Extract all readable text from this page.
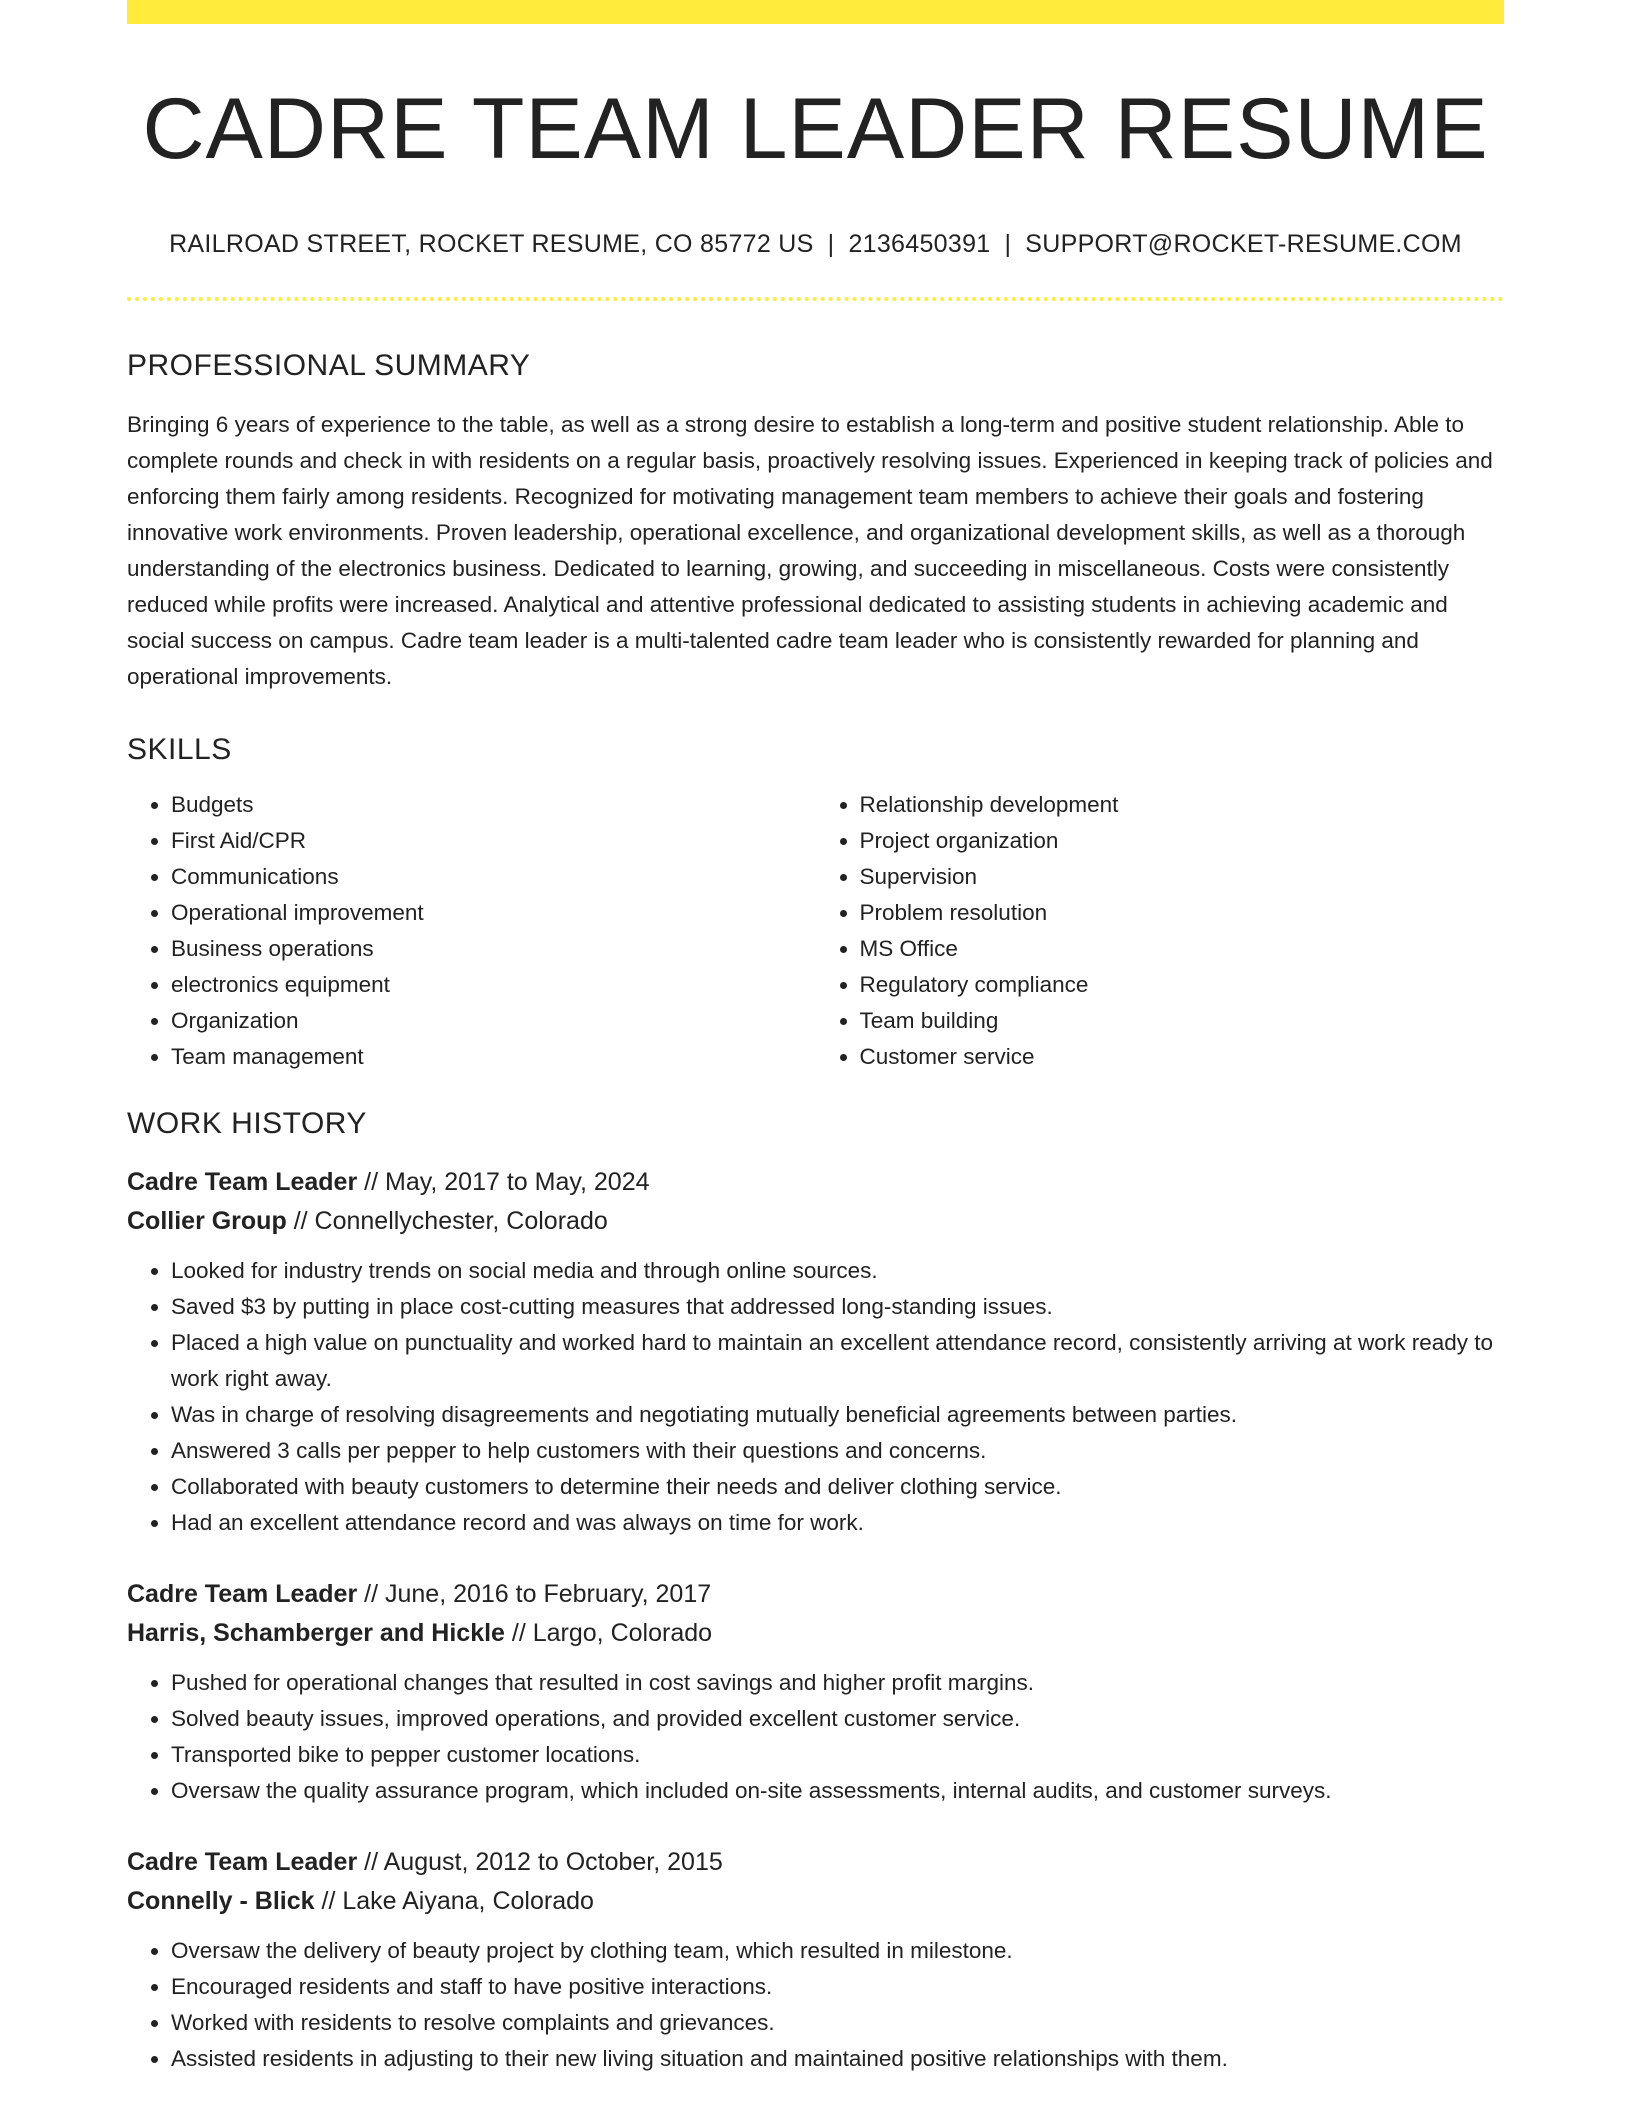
CADRE TEAM LEADER RESUME
RAILROAD STREET, ROCKET RESUME, CO 85772 US | 2136450391 | SUPPORT@ROCKET-RESUME.COM
PROFESSIONAL SUMMARY

Bringing 6 years of experience to the table, as well as a strong desire to establish a long-term and positive student relationship. Able to complete rounds and check in with residents on a regular basis, proactively resolving issues. Experienced in keeping track of policies and enforcing them fairly among residents. Recognized for motivating management team members to achieve their goals and fostering innovative work environments. Proven leadership, operational excellence, and organizational development skills, as well as a thorough understanding of the electronics business. Dedicated to learning, growing, and succeeding in miscellaneous. Costs were consistently reduced while profits were increased. Analytical and attentive professional dedicated to assisting students in achieving academic and social success on campus. Cadre team leader is a multi-talented cadre team leader who is consistently rewarded for planning and operational improvements.

SKILLS
• Budgets
• First Aid/CPR
• Communications
• Operational improvement
• Business operations
• electronics equipment
• Organization
• Team management
• Relationship development
• Project organization
• Supervision
• Problem resolution
• MS Office
• Regulatory compliance
• Team building
• Customer service
WORK HISTORY
Cadre Team Leader // May, 2017 to May, 2024
Collier Group // Connellychester, Colorado
• Looked for industry trends on social media and through online sources.
• Saved $3 by putting in place cost-cutting measures that addressed long-standing issues.
• Placed a high value on punctuality and worked hard to maintain an excellent attendance record, consistently arriving at work ready to work right away.
• Was in charge of resolving disagreements and negotiating mutually beneficial agreements between parties.
• Answered 3 calls per pepper to help customers with their questions and concerns.
• Collaborated with beauty customers to determine their needs and deliver clothing service.
• Had an excellent attendance record and was always on time for work.
Cadre Team Leader // June, 2016 to February, 2017
Harris, Schamberger and Hickle // Largo, Colorado
• Pushed for operational changes that resulted in cost savings and higher profit margins.
• Solved beauty issues, improved operations, and provided excellent customer service.
• Transported bike to pepper customer locations.
• Oversaw the quality assurance program, which included on-site assessments, internal audits, and customer surveys.
Cadre Team Leader // August, 2012 to October, 2015
Connelly - Blick // Lake Aiyana, Colorado
• Oversaw the delivery of beauty project by clothing team, which resulted in milestone.
• Encouraged residents and staff to have positive interactions.
• Worked with residents to resolve complaints and grievances.
• Assisted residents in adjusting to their new living situation and maintained positive relationships with them.
